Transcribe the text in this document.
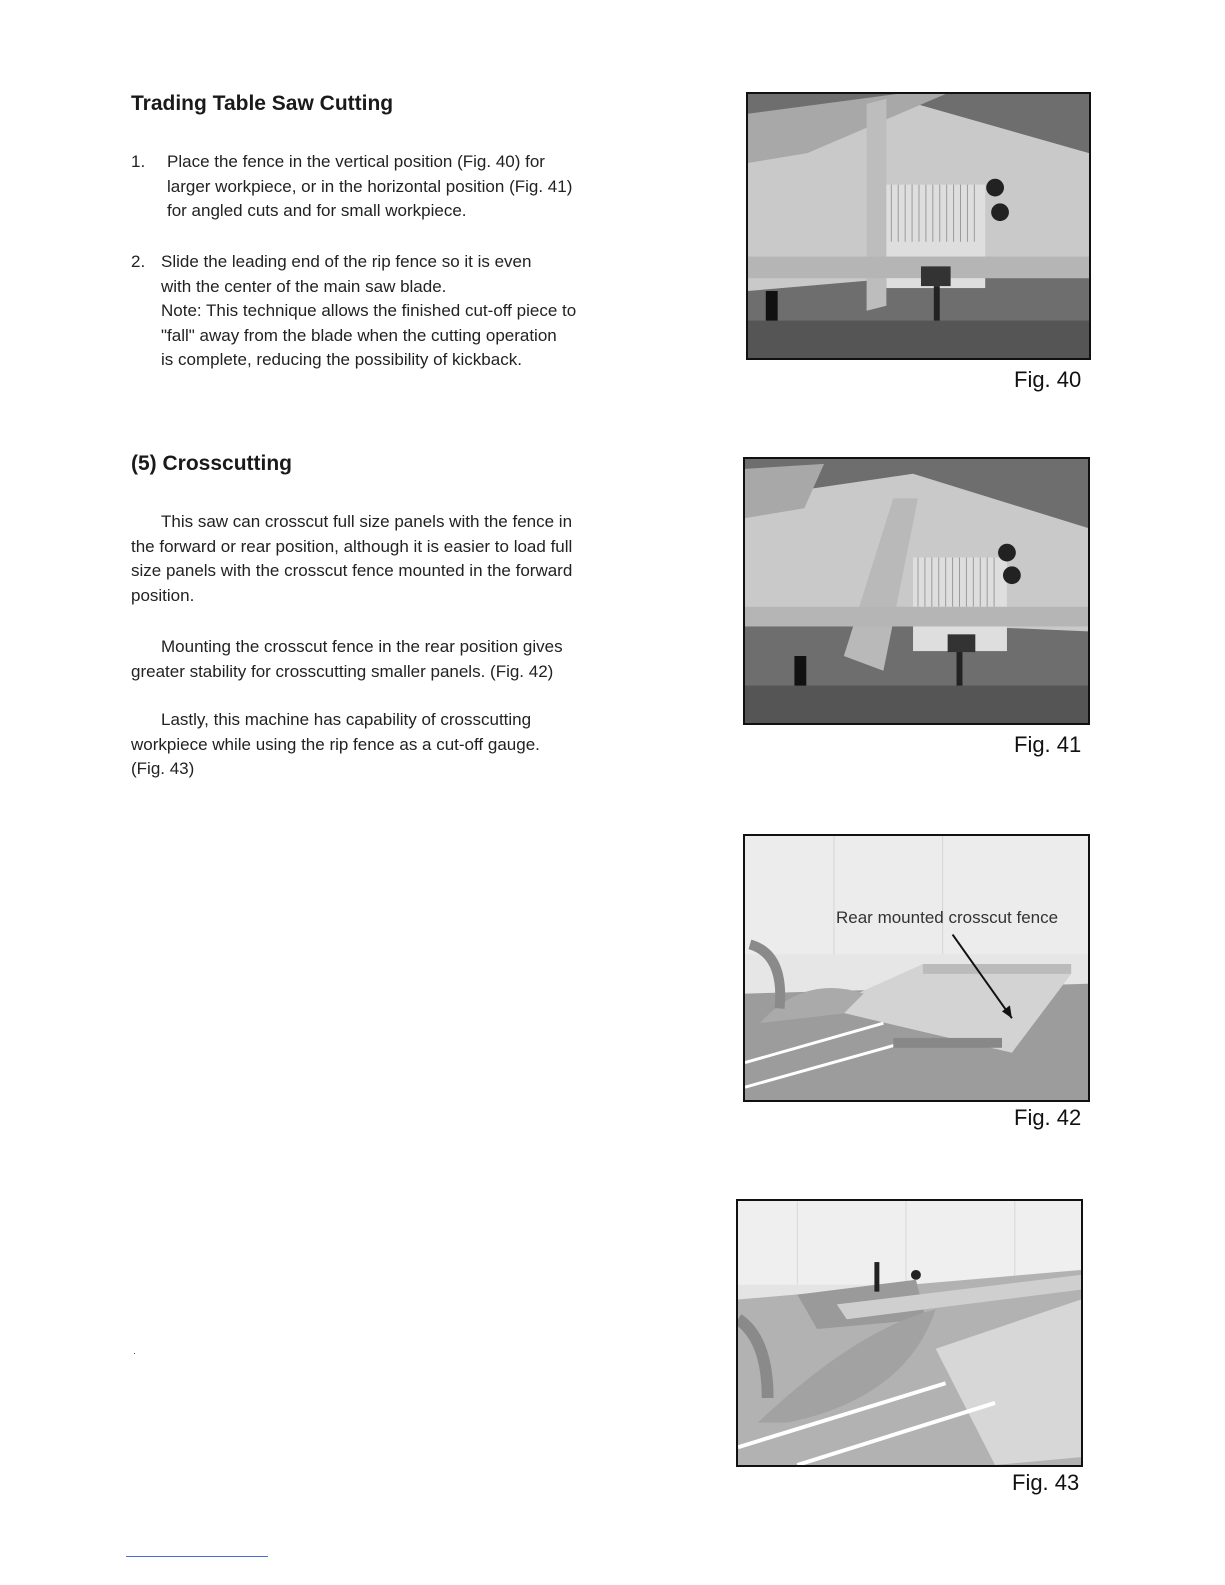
Trading Table Saw Cutting
1. Place the fence in the vertical position (Fig. 40) for
larger workpiece, or in the horizontal position (Fig. 41)
for angled cuts and for small workpiece.
2. Slide the leading end of the rip fence so it is even
with the center of the main saw blade.
Note: This technique allows the finished cut-off piece to
"fall" away from the blade when the cutting operation
is complete, reducing the possibility of kickback.
(5) Crosscutting
This saw can crosscut full size panels with the fence in
the forward or rear position, although it is easier to load full
size panels with the crosscut fence mounted in the forward
position.
Mounting the crosscut fence in the rear position gives
greater stability for crosscutting smaller panels. (Fig. 42)
Lastly, this machine has capability of crosscutting
workpiece while using the rip fence as a cut-off gauge.
(Fig. 43)
Fig. 40
Fig. 41
Rear mounted crosscut fence
Fig. 42
Fig. 43
